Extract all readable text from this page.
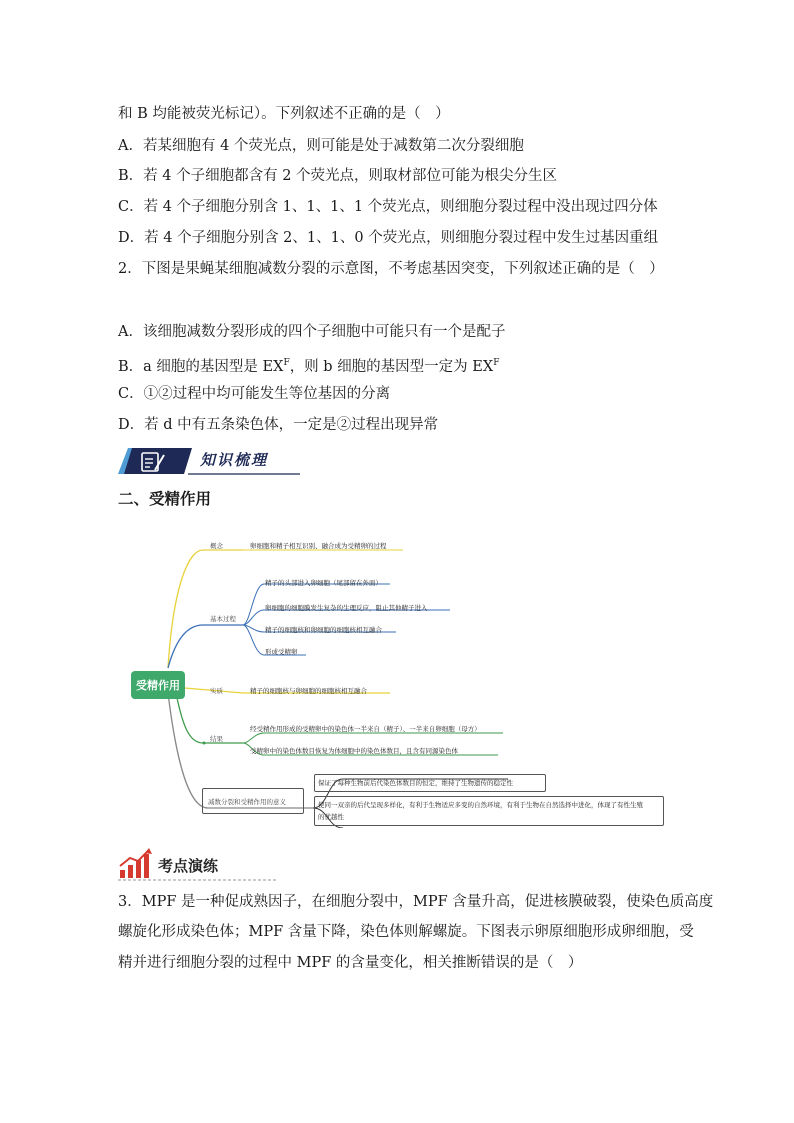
和 B 均能被荧光标记）。下列叙述不正确的是（　）
A．若某细胞有 4 个荧光点，则可能是处于减数第二次分裂细胞
B．若 4 个子细胞都含有 2 个荧光点，则取材部位可能为根尖分生区
C．若 4 个子细胞分别含 1、1、1、1 个荧光点，则细胞分裂过程中没出现过四分体
D．若 4 个子细胞分别含 2、1、1、0 个荧光点，则细胞分裂过程中发生过基因重组
2．下图是果蝇某细胞减数分裂的示意图，不考虑基因突变，下列叙述正确的是（　）
A．该细胞减数分裂形成的四个子细胞中可能只有一个是配子
B．a 细胞的基因型是 $EX^F$，则 b 细胞的基因型一定为 $EX^F$
C．①②过程中均可能发生等位基因的分离
D．若 d 中有五条染色体，一定是②过程出现异常
知识梳理
二、受精作用
受精作用
概念	卵细胞和精子相互识别、融合成为受精卵的过程
基本过程
精子的头部进入卵细胞（尾部留在外面）
卵细胞的细胞膜发生复杂的生理反应，阻止其他精子进入
精子的细胞核和卵细胞的细胞核相互融合
形成受精卵
实质	精子的细胞核与卵细胞的细胞核相互融合
结果
经受精作用形成的受精卵中的染色体一半来自（精子）、一半来自卵细胞（母方）
受精卵中的染色体数目恢复为体细胞中的染色体数目，且含有同源染色体
减数分裂和受精作用的意义
保证了每种生物前后代染色体数目的恒定，维持了生物遗传的稳定性
使同一双亲的后代呈现多样化，有利于生物适应多变的自然环境，有利于生物在自然选择中进化，体现了有性生殖
的优越性
考点演练
3．MPF 是一种促成熟因子，在细胞分裂中，MPF 含量升高，促进核膜破裂，使染色质高度
螺旋化形成染色体；MPF 含量下降，染色体则解螺旋。下图表示卵原细胞形成卵细胞，受
精并进行细胞分裂的过程中 MPF 的含量变化，相关推断错误的是（　）
